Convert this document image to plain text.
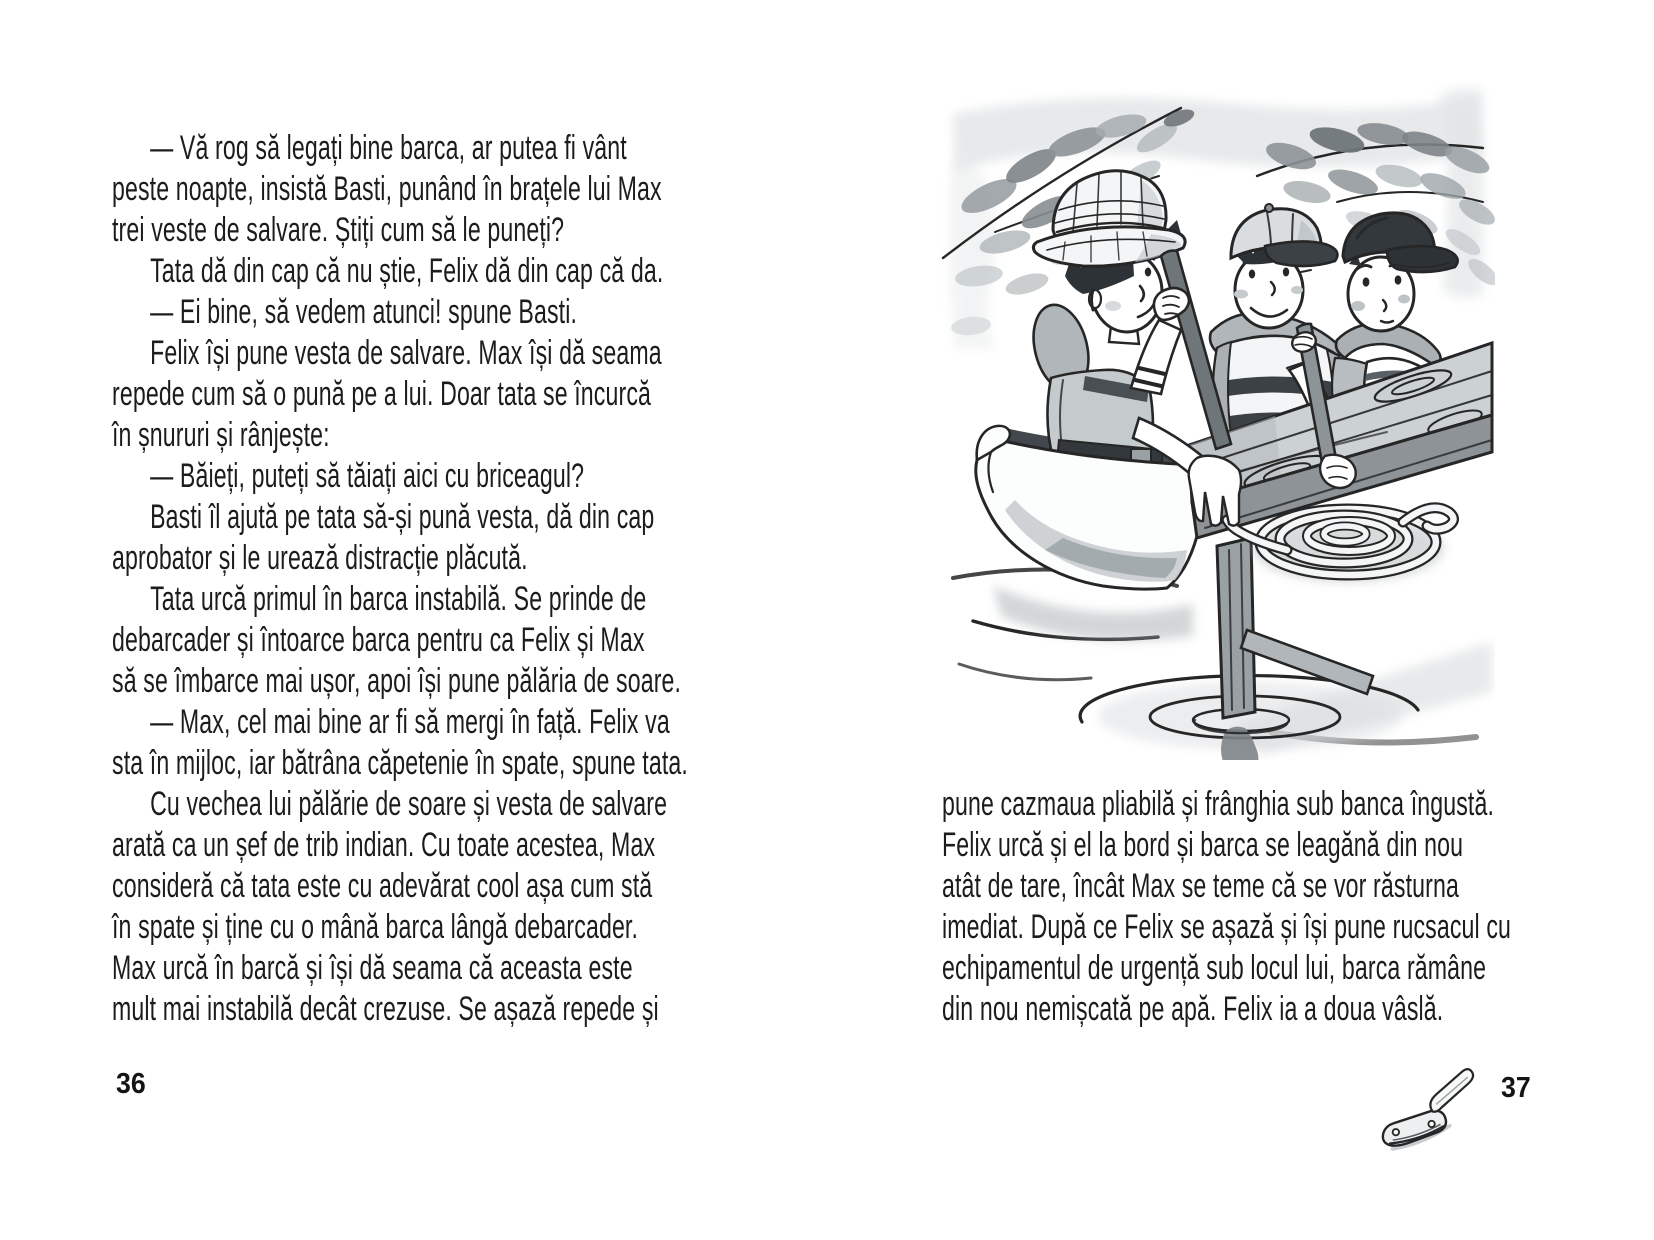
— Vă rog să legați bine barca, ar putea fi vânt
peste noapte, insistă Basti, punând în brațele lui Max
trei veste de salvare. Știți cum să le puneți?
Tata dă din cap că nu știe, Felix dă din cap că da.
— Ei bine, să vedem atunci! spune Basti.
Felix își pune vesta de salvare. Max își dă seama
repede cum să o pună pe a lui. Doar tata se încurcă
în șnururi și rânjește:
— Băieți, puteți să tăiați aici cu briceagul?
Basti îl ajută pe tata să-și pună vesta, dă din cap
aprobator și le urează distracție plăcută.
Tata urcă primul în barca instabilă. Se prinde de
debarcader și întoarce barca pentru ca Felix și Max
să se îmbarce mai ușor, apoi își pune pălăria de soare.
— Max, cel mai bine ar fi să mergi în față. Felix va
sta în mijloc, iar bătrâna căpetenie în spate, spune tata.
Cu vechea lui pălărie de soare și vesta de salvare
arată ca un șef de trib indian. Cu toate acestea, Max
consideră că tata este cu adevărat cool așa cum stă
în spate și ține cu o mână barca lângă debarcader.
Max urcă în barcă și își dă seama că aceasta este
mult mai instabilă decât crezuse. Se așază repede și
36
pune cazmaua pliabilă și frânghia sub banca îngustă.
Felix urcă și el la bord și barca se leagănă din nou
atât de tare, încât Max se teme că se vor răsturna
imediat. După ce Felix se așază și își pune rucsacul cu
echipamentul de urgență sub locul lui, barca rămâne
din nou nemișcată pe apă. Felix ia a doua vâslă.
37
